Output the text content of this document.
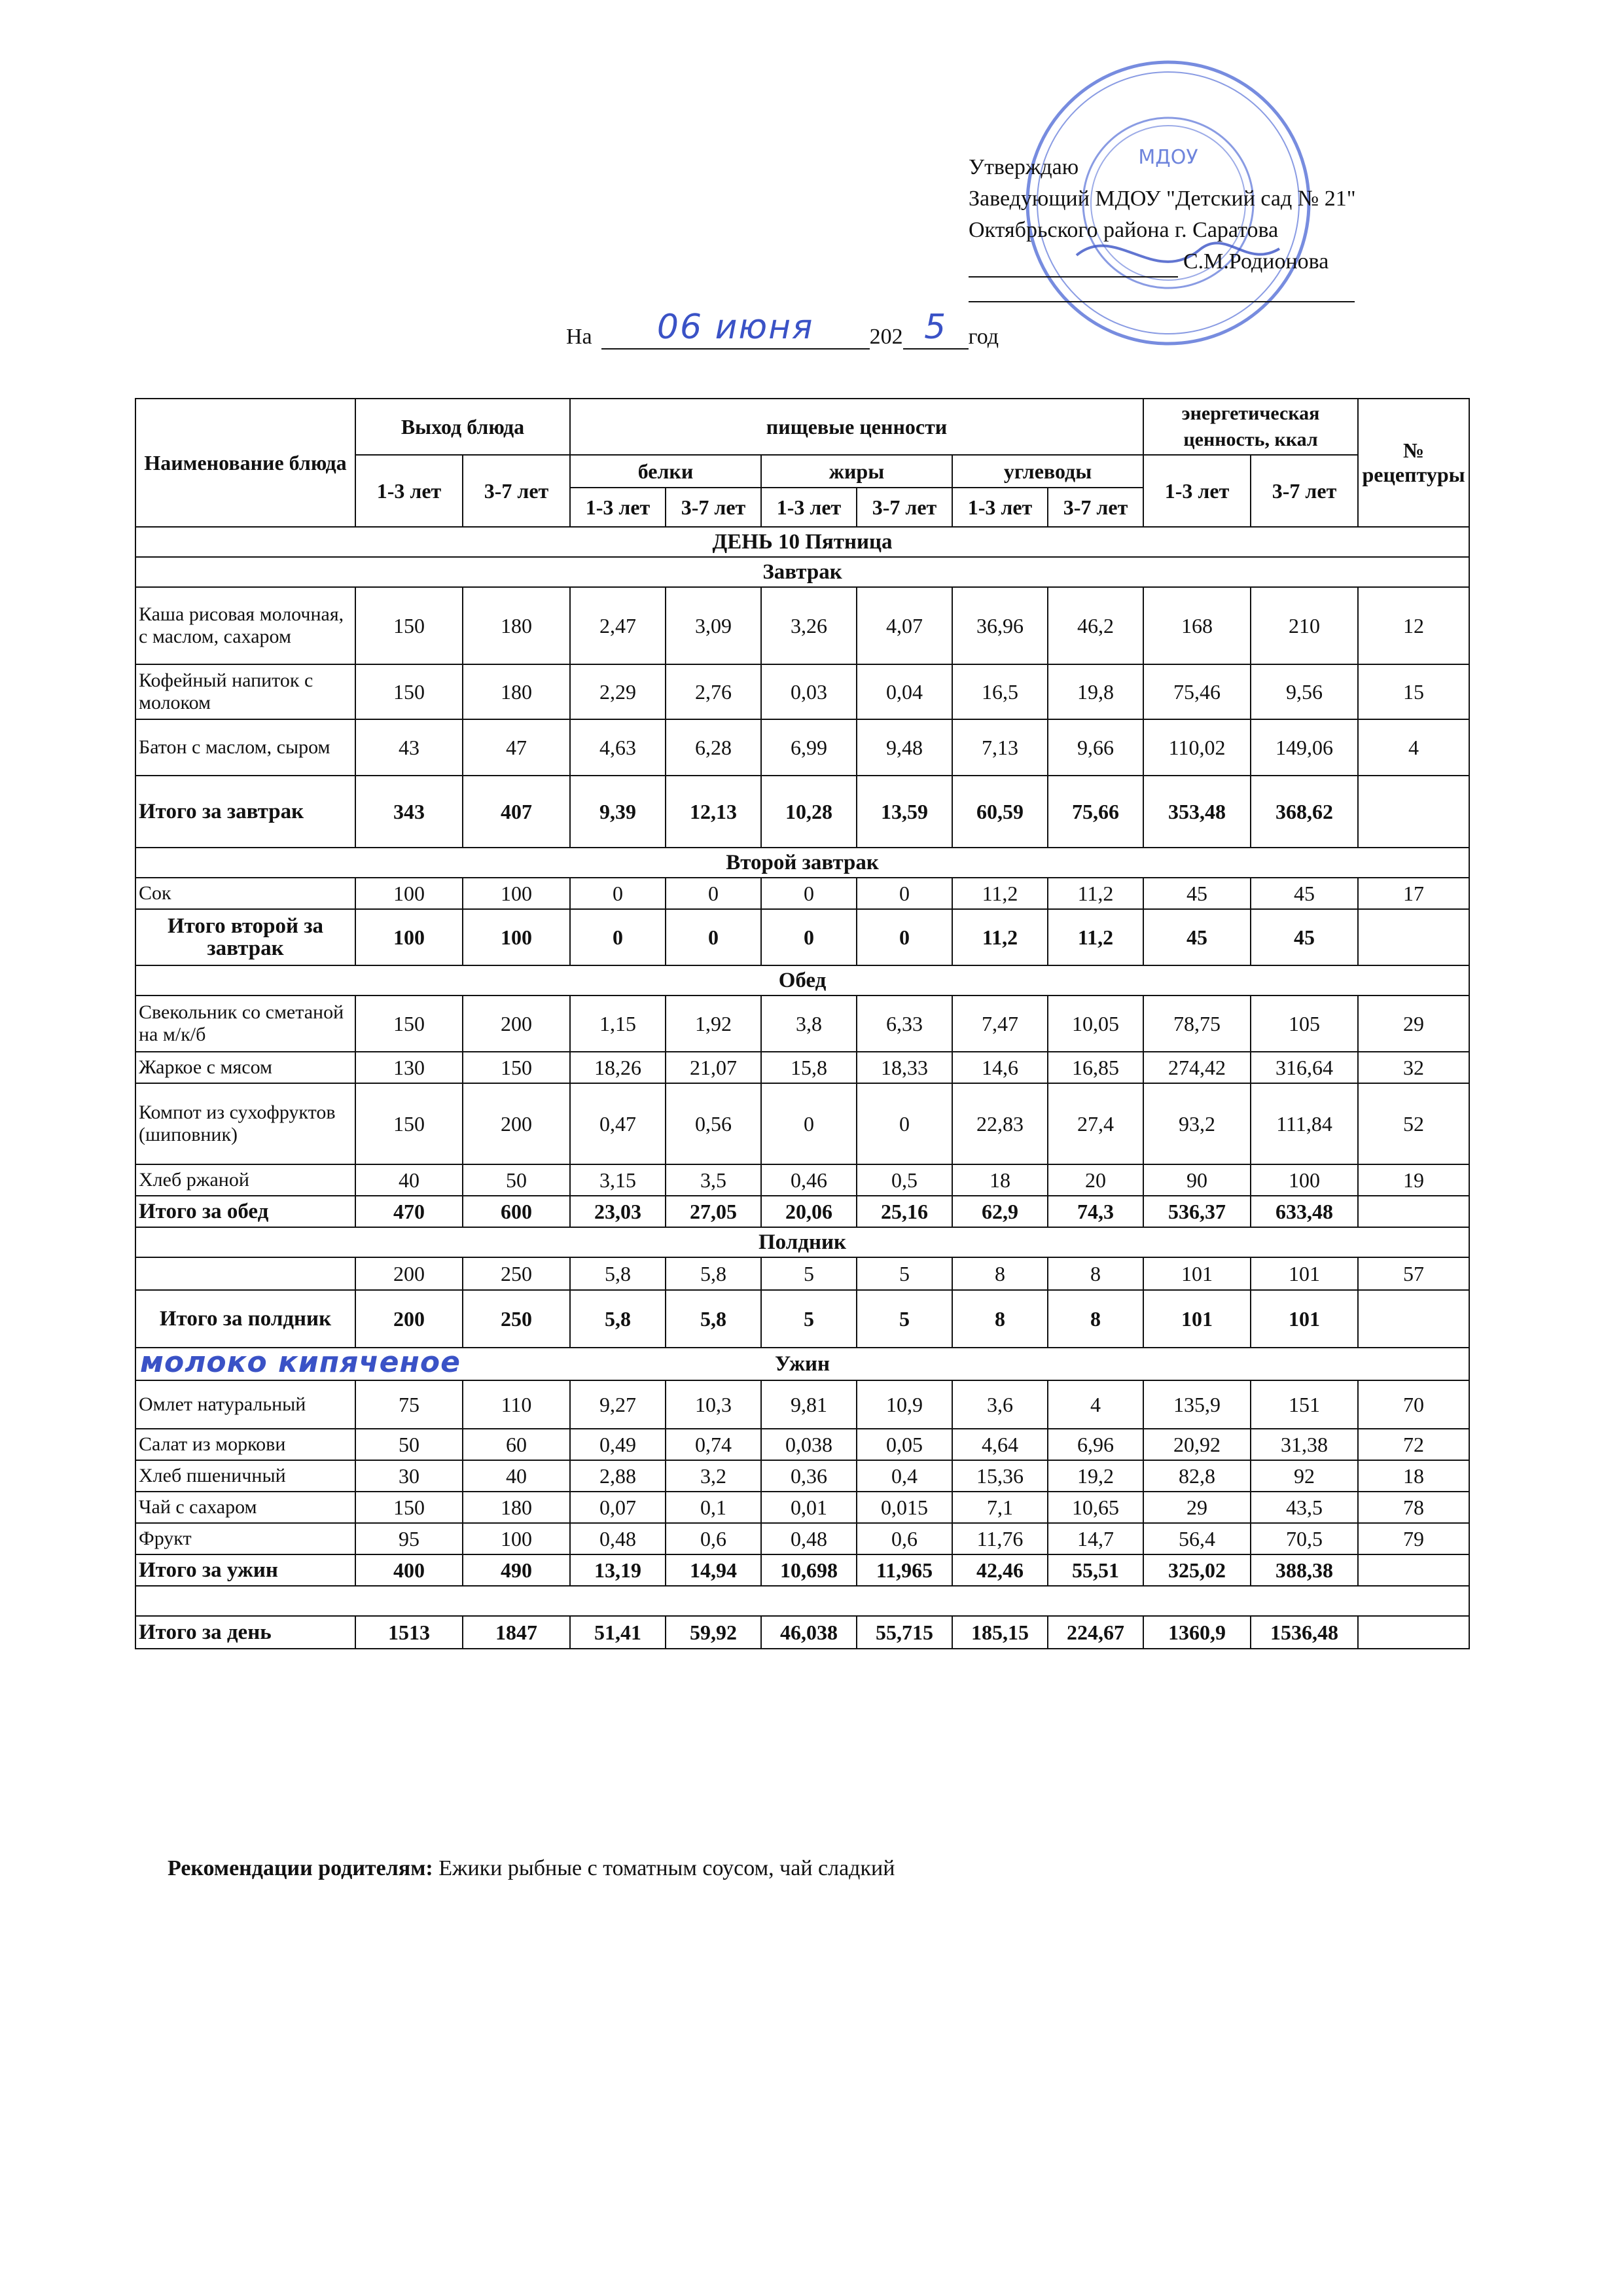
МДОУ
Утверждаю
Заведующий МДОУ "Детский сад № 21"
Октябрьского района г. Саратова
С.М.Родионова
На	06 июня	202 5 год
Наименование блюда	Выход блюда		пищевые ценности						энергетическая ценность, ккал		№ рецептуры
	1-3 лет	3-7 лет	белки		жиры		углеводы		1-3 лет	3-7 лет	
			1-3 лет	3-7 лет	1-3 лет	3-7 лет	1-3 лет	3-7 лет			
ДЕНЬ 10 Пятница											
Завтрак											
Каша рисовая молочная, с маслом, сахаром	150	180	2,47	3,09	3,26	4,07	36,96	46,2	168	210	12
Кофейный напиток с молоком	150	180	2,29	2,76	0,03	0,04	16,5	19,8	75,46	9,56	15
Батон с маслом, сыром	43	47	4,63	6,28	6,99	9,48	7,13	9,66	110,02	149,06	4
Итого за завтрак	343	407	9,39	12,13	10,28	13,59	60,59	75,66	353,48	368,62	
Второй завтрак											
Сок	100	100	0	0	0	0	11,2	11,2	45	45	17
Итого второй за завтрак	100	100	0	0	0	0	11,2	11,2	45	45	
Обед											
Свекольник со сметаной на м/к/б	150	200	1,15	1,92	3,8	6,33	7,47	10,05	78,75	105	29
Жаркое с мясом	130	150	18,26	21,07	15,8	18,33	14,6	16,85	274,42	316,64	32
Компот из сухофруктов (шиповник)	150	200	0,47	0,56	0	0	22,83	27,4	93,2	111,84	52
Хлеб ржаной	40	50	3,15	3,5	0,46	0,5	18	20	90	100	19
Итого за обед	470	600	23,03	27,05	20,06	25,16	62,9	74,3	536,37	633,48	
Полдник											
	200	250	5,8	5,8	5	5	8	8	101	101	57
Итого за полдник	200	250	5,8	5,8	5	5	8	8	101	101	

молоко кипяченое Ужин											
Омлет натуральный	75	110	9,27	10,3	9,81	10,9	3,6	4	135,9	151	70
Салат из моркови	50	60	0,49	0,74	0,038	0,05	4,64	6,96	20,92	31,38	72
Хлеб пшеничный	30	40	2,88	3,2	0,36	0,4	15,36	19,2	82,8	92	18
Чай с сахаром	150	180	0,07	0,1	0,01	0,015	7,1	10,65	29	43,5	78
Фрукт	95	100	0,48	0,6	0,48	0,6	11,76	14,7	56,4	70,5	79
Итого за ужин	400	490	13,19	14,94	10,698	11,965	42,46	55,51	325,02	388,38	

Итого за день	1513	1847	51,41	59,92	46,038	55,715	185,15	224,67	1360,9	1536,48	
Рекомендации родителям: Ежики рыбные с томатным соусом, чай сладкий
